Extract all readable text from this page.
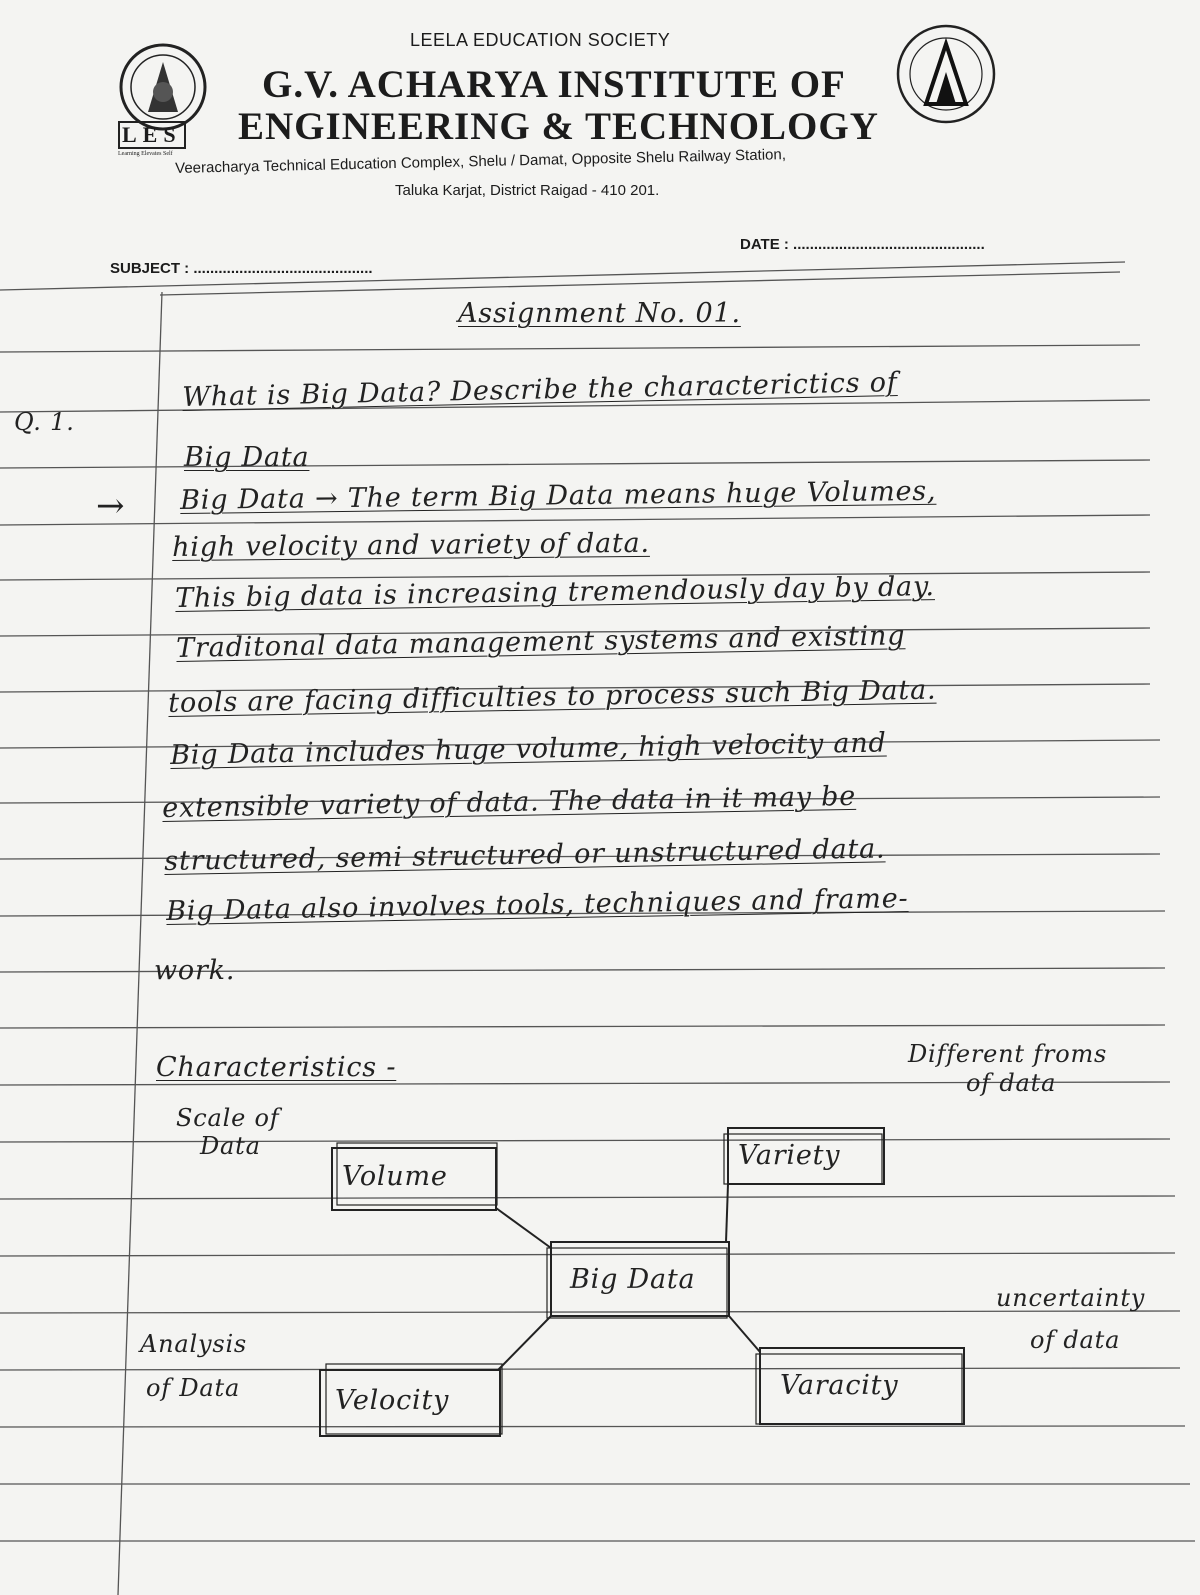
LES
Learning Elevates Self
LEELA EDUCATION SOCIETY
G.V. ACHARYA INSTITUTE OF
ENGINEERING & TECHNOLOGY
Veeracharya Technical Education Complex, Shelu / Damat, Opposite Shelu Railway Station,
Taluka Karjat, District Raigad - 410 201.
DATE : ..............................................
SUBJECT : ...........................................
Assignment No. 01.
Q. 1.
What is Big Data? Describe the characterictics of
Big Data
→ Big Data → The term Big Data means huge Volumes,
high velocity and variety of data.
This big data is increasing tremendously day by day.
Traditonal data management systems and existing
tools are facing difficulties to process such Big Data.
Big Data includes huge volume, high velocity and
extensible variety of data. The data in it may be
structured, semi structured or unstructured data.
Big Data also involves tools, techniques and frame-
work.
Characteristics -
Volume
Variety
Big Data
Velocity	Varacity
Scale of
Data
Different froms
of data
Analysis
of Data
uncertainty
of data
